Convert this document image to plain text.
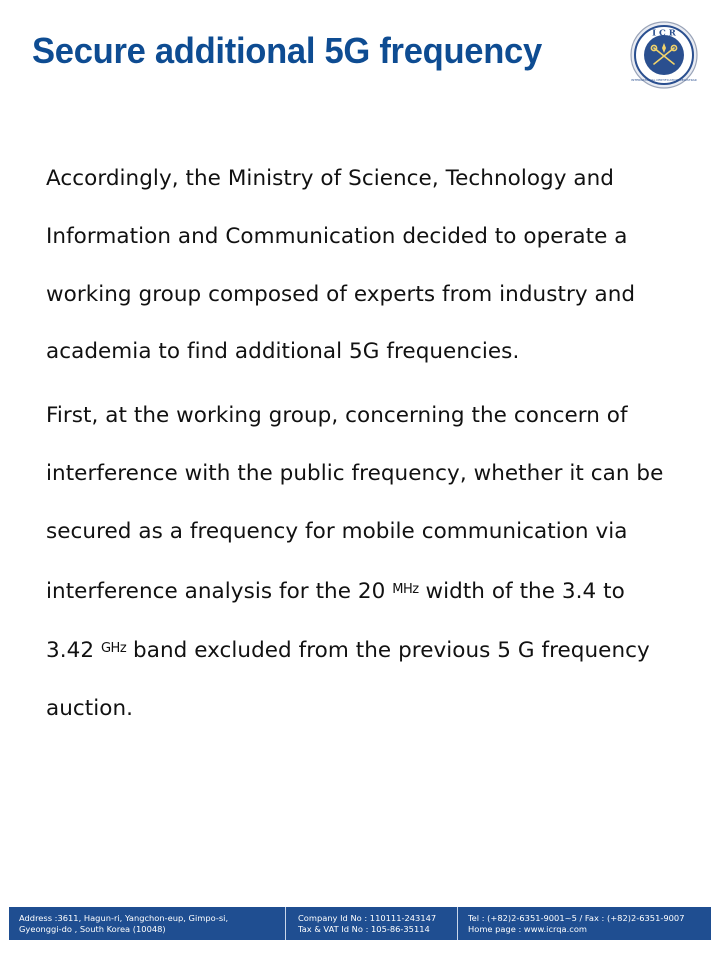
Secure additional 5G frequency	I C R
INTERNATIONAL CERTIFICATION REGISTRAR

Accordingly, the Ministry of Science, Technology and
Information and Communication decided to operate a
working group composed of experts from industry and
academia to find additional 5G frequencies.

First, at the working group, concerning the concern of
interference with the public frequency, whether it can be
secured as a frequency for mobile communication via
interference analysis for the 20 $^{MHz}$ width of the 3.4 to
3.42 $^{GHz}$ band excluded from the previous 5 G frequency
auction.

Address :3611, Hagun-ri, Yangchon-eup, Gimpo-si,
Gyeonggi-do , South Korea (10048)
Company Id No : 110111-243147
Tax & VAT Id No : 105-86-35114
Tel : (+82)2-6351-9001~5 / Fax : (+82)2-6351-9007
Home page : www.icrqa.com
